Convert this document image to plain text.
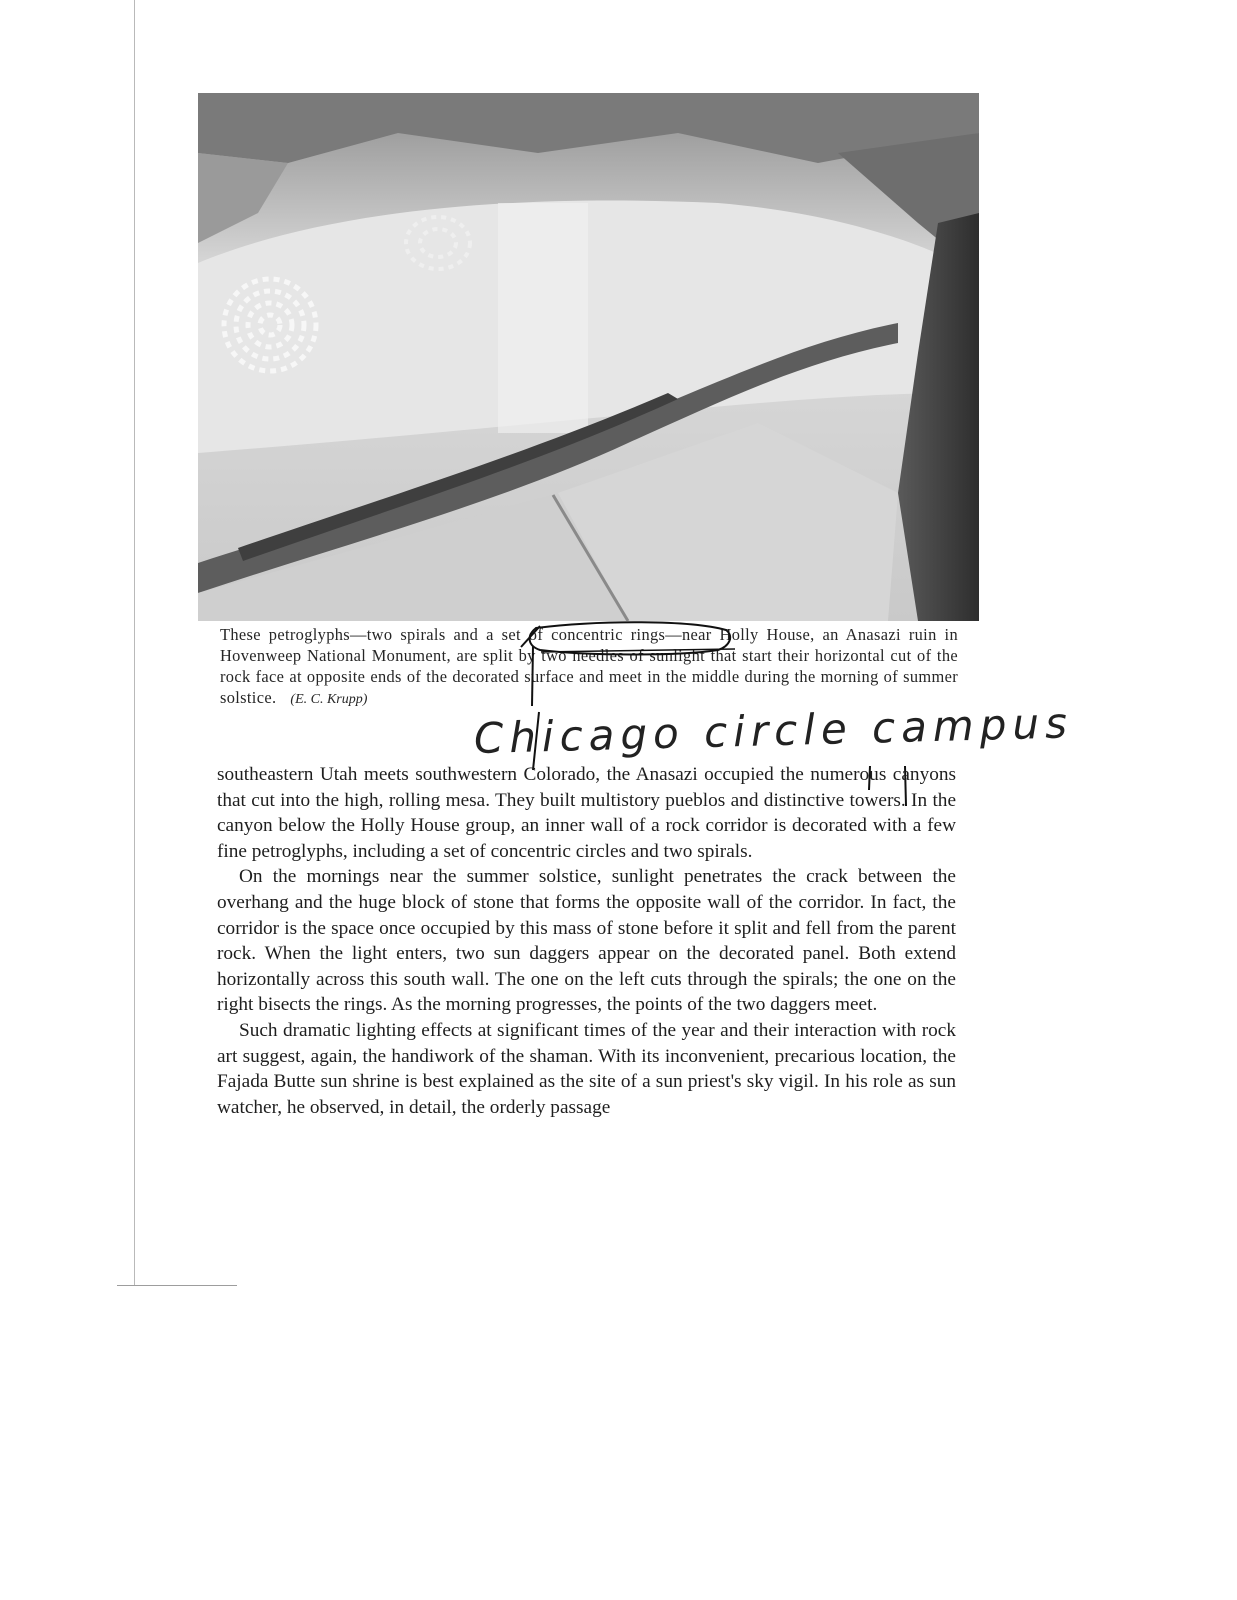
These petroglyphs—two spirals and a set of concentric rings—near Holly House, an Anasazi ruin in Hovenweep National Monument, are split by two needles of sunlight that start their horizontal cut of the rock face at opposite ends of the decorated surface and meet in the middle during the morning of summer solstice. (E. C. Krupp)	Chicago circle campus

southeastern Utah meets southwestern Colorado, the Anasazi occupied the numerous canyons that cut into the high, rolling mesa. They built multistory pueblos and distinctive towers. In the canyon below the Holly House group, an inner wall of a rock corridor is decorated with a few fine petroglyphs, including a set of concentric circles and two spirals.

On the mornings near the summer solstice, sunlight penetrates the crack between the overhang and the huge block of stone that forms the opposite wall of the corridor. In fact, the corridor is the space once occupied by this mass of stone before it split and fell from the parent rock. When the light enters, two sun daggers appear on the decorated panel. Both extend horizontally across this south wall. The one on the left cuts through the spirals; the one on the right bisects the rings. As the morning progresses, the points of the two daggers meet.

Such dramatic lighting effects at significant times of the year and their interaction with rock art suggest, again, the handiwork of the shaman. With its inconvenient, precarious location, the Fajada Butte sun shrine is best explained as the site of a sun priest's sky vigil. In his role as sun watcher, he observed, in detail, the orderly passage
